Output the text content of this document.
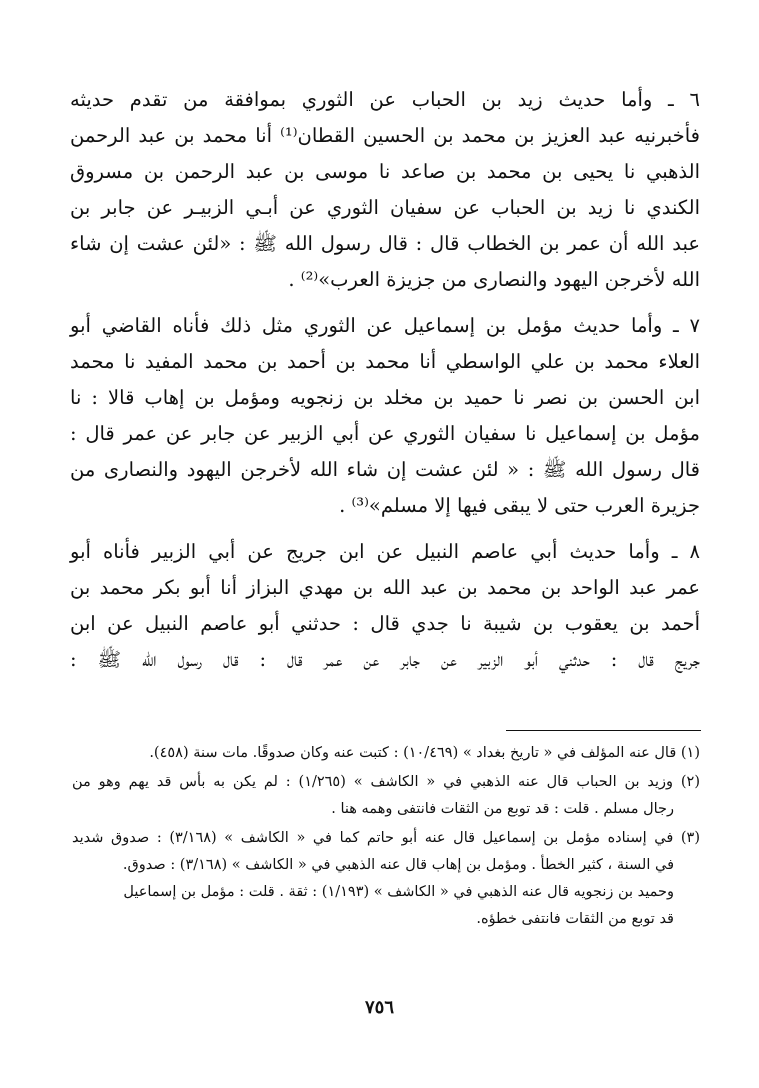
٦ ـ وأما حديث زيد بن الحباب عن الثوري بموافقة من تقدم حديثه
فأخبرنيه عبد العزيز بن محمد بن الحسين القطان⁽¹⁾ أنا محمد بن عبد الرحمن
الذهبي نا يحيى بن محمد بن صاعد نا موسى بن عبد الرحمن بن مسروق
الكندي نا زيد بن الحباب عن سفيان الثوري عن أبـي الزبيـر عن جابر بن
عبد الله أن عمر بن الخطاب قال : قال رسول الله ﷺ : «لئن عشت إن شاء
الله لأخرجن اليهود والنصارى من جزيزة العرب»⁽²⁾ .

٧ ـ وأما حديث مؤمل بن إسماعيل عن الثوري مثل ذلك فأناه القاضي أبو
العلاء محمد بن علي الواسطي أنا محمد بن أحمد بن محمد المفيد نا محمد
ابن الحسن بن نصر نا حميد بن مخلد بن زنجويه ومؤمل بن إهاب قالا : نا
مؤمل بن إسماعيل نا سفيان الثوري عن أبي الزبير عن جابر عن عمر قال :
قال رسول الله ﷺ : « لئن عشت إن شاء الله لأخرجن اليهود والنصارى من
جزيرة العرب حتى لا يبقى فيها إلا مسلم»⁽³⁾ .

٨ ـ وأما حديث أبي عاصم النبيل عن ابن جريج عن أبي الزبير فأناه أبو
عمر عبد الواحد بن محمد بن عبد الله بن مهدي البزاز أنا أبو بكر محمد بن
أحمد بن يعقوب بن شيبة نا جدي قال : حدثني أبو عاصم النبيل عن ابن
جريج قال : حدثني أبو الزبير عن جابر عن عمر قال : قال رسول الله ﷺ :

(١) قال عنه المؤلف في « تاريخ بغداد » (١٠/٤٦٩) : كتبت عنه وكان صدوقًا. مات سنة (٤٥٨).
(٢) وزيد بن الحباب قال عنه الذهبي في « الكاشف » (١/٢٦٥) : لم يكن به بأس قد يهم وهو من
رجال مسلم . قلت : قد توبع من الثقات فانتفى وهمه هنا .
(٣) في إسناده مؤمل بن إسماعيل قال عنه أبو حاتم كما في « الكاشف » (٣/١٦٨) : صدوق شديد
في السنة ، كثير الخطأ . ومؤمل بن إهاب قال عنه الذهبي في « الكاشف » (٣/١٦٨) : صدوق.
وحميد بن زنجويه قال عنه الذهبي في « الكاشف » (١/١٩٣) : ثقة . قلت : مؤمل بن إسماعيل
قد توبع من الثقات فانتفى خطؤه.
٧٥٦
